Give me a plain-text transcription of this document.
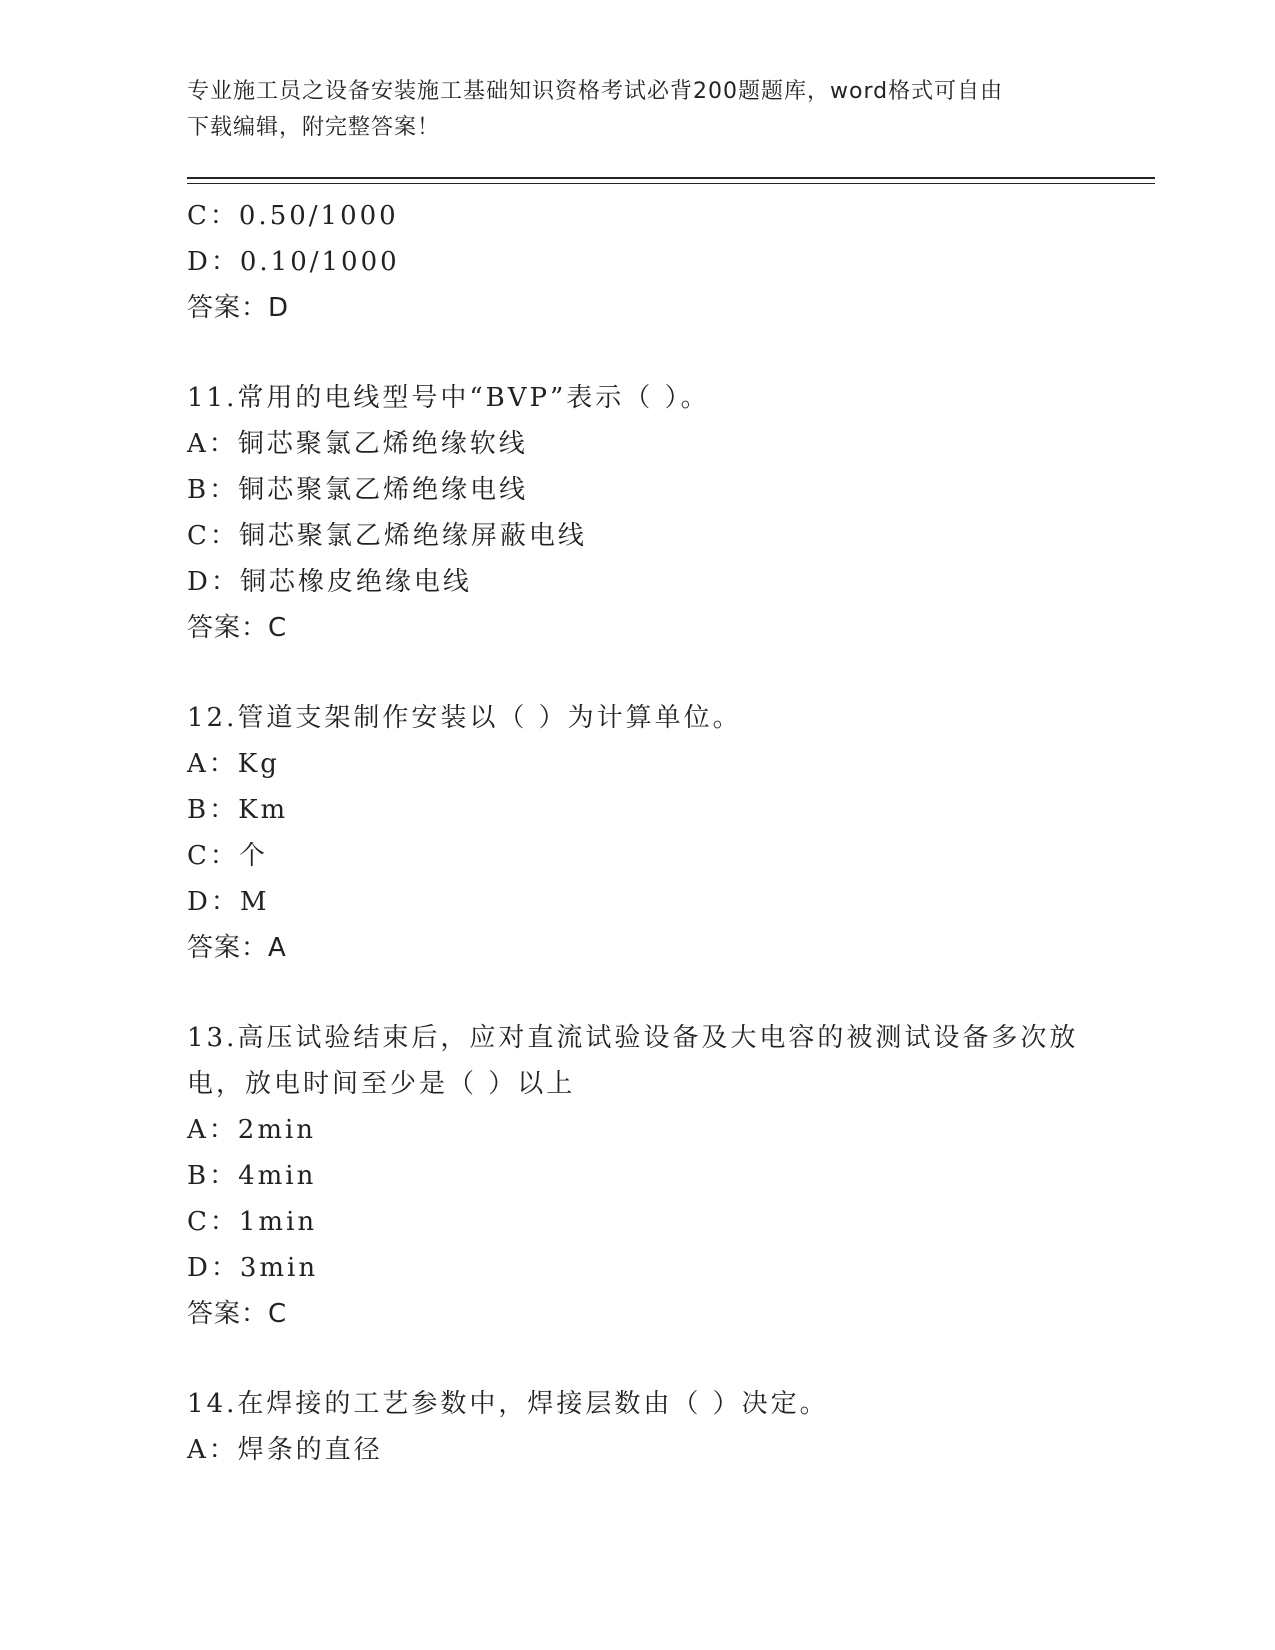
专业施工员之设备安装施工基础知识资格考试必背200题题库，word格式可自由
下载编辑，附完整答案！
C：0.50/1000
D：0.10/1000
答案：D
11.常用的电线型号中“BVP”表示（ ）。
A：铜芯聚氯乙烯绝缘软线
B：铜芯聚氯乙烯绝缘电线
C：铜芯聚氯乙烯绝缘屏蔽电线
D：铜芯橡皮绝缘电线
答案：C
12.管道支架制作安装以（ ）为计算单位。
A：Kg
B：Km
C：个
D：M
答案：A
13.高压试验结束后，应对直流试验设备及大电容的被测试设备多次放
电，放电时间至少是（ ）以上
A：2min
B：4min
C：1min
D：3min
答案：C
14.在焊接的工艺参数中，焊接层数由（ ）决定。
A：焊条的直径
